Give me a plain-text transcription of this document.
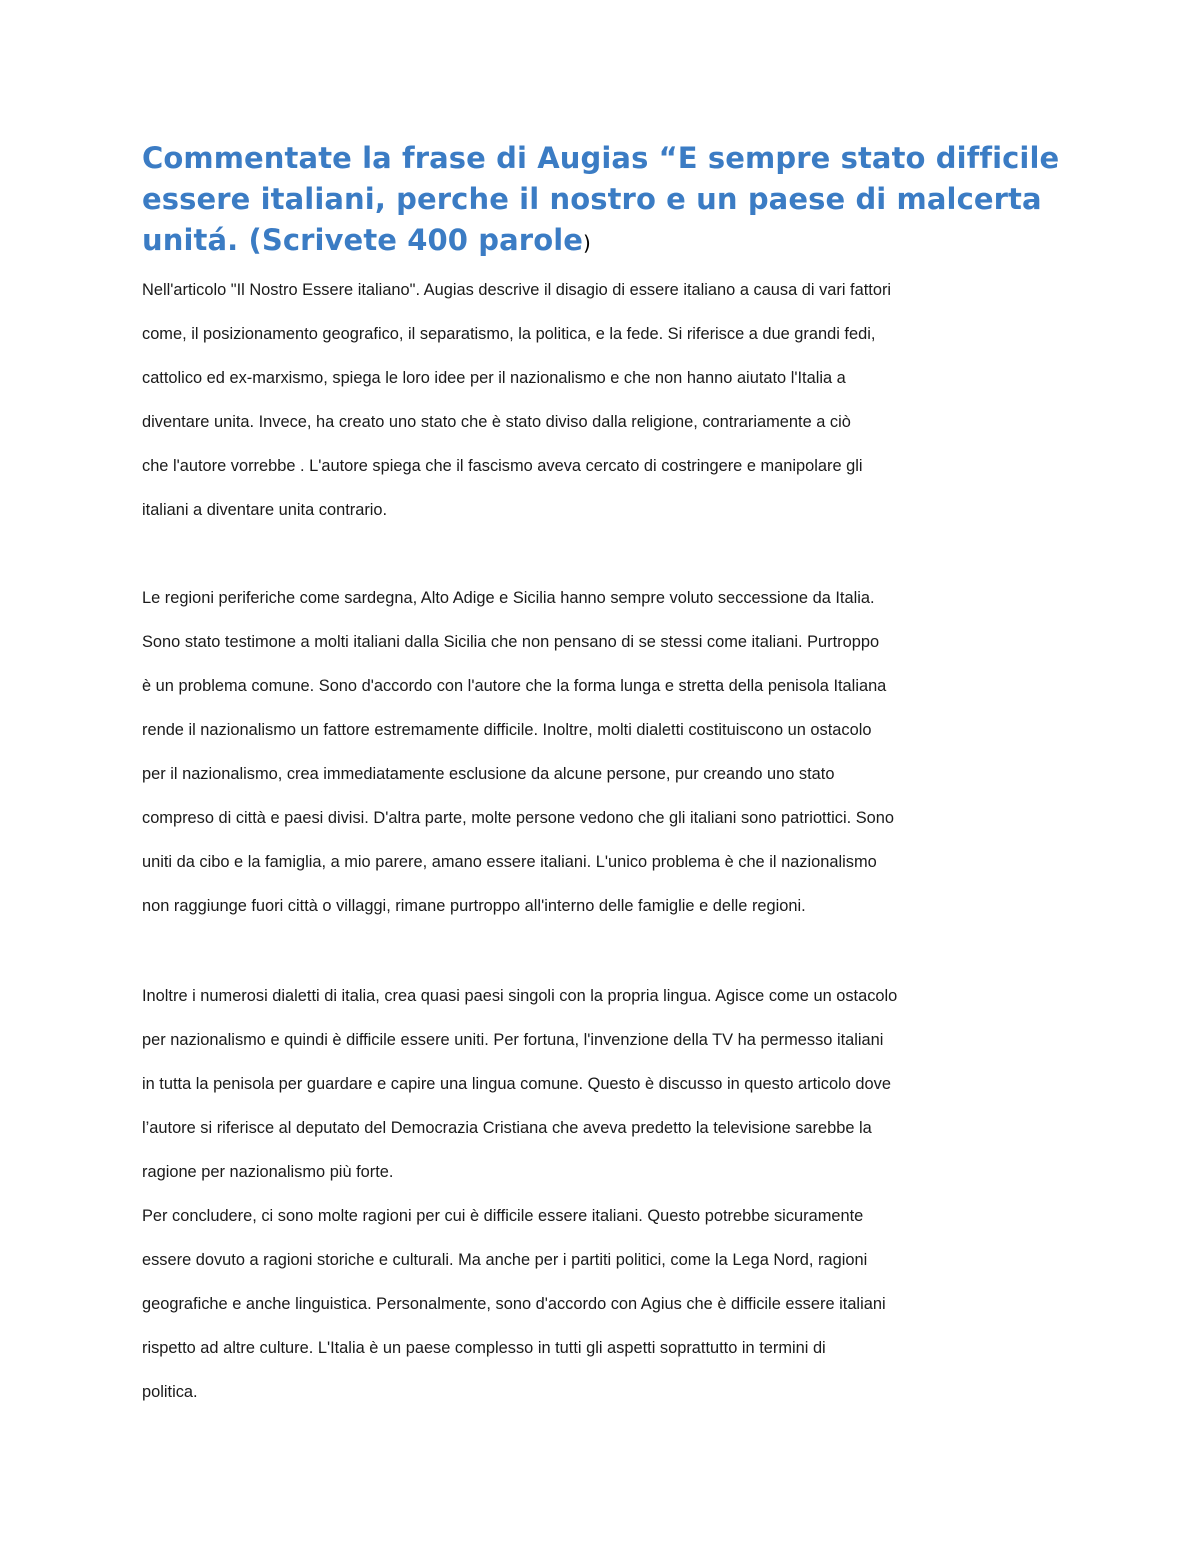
Commentate la frase di Augias “E sempre stato difficile essere italiani, perche il nostro e un paese di malcerta unitá. (Scrivete 400 parole)
Nell'articolo "Il Nostro Essere italiano". Augias descrive il disagio di essere italiano a causa di vari fattori
come, il posizionamento geografico, il separatismo, la politica, e la fede. Si riferisce a due grandi fedi,
cattolico ed ex-marxismo, spiega le loro idee per il nazionalismo e che non hanno aiutato l'Italia a
diventare unita. Invece, ha creato uno stato che è stato diviso dalla religione, contrariamente a ciò
che l'autore vorrebbe . L'autore spiega che il fascismo aveva cercato di costringere e manipolare gli
italiani a diventare unita contrario.
Le regioni periferiche come sardegna, Alto Adige e Sicilia hanno sempre voluto seccessione da Italia.
Sono stato testimone a molti italiani dalla Sicilia che non pensano di se stessi come italiani. Purtroppo
è un problema comune. Sono d'accordo con l'autore che la forma lunga e stretta della penisola Italiana
rende il nazionalismo un fattore estremamente difficile. Inoltre, molti dialetti costituiscono un ostacolo
per il nazionalismo, crea immediatamente esclusione da alcune persone, pur creando uno stato
compreso di città e paesi divisi. D'altra parte, molte persone vedono che gli italiani sono patriottici. Sono
uniti da cibo e la famiglia, a mio parere, amano essere italiani. L'unico problema è che il nazionalismo
non raggiunge fuori città o villaggi, rimane purtroppo all'interno delle famiglie e delle regioni.
Inoltre i numerosi dialetti di italia, crea quasi paesi singoli con la propria lingua. Agisce come un ostacolo
per nazionalismo e quindi è difficile essere uniti. Per fortuna, l'invenzione della TV ha permesso italiani
in tutta la penisola per guardare e capire una lingua comune. Questo è discusso in questo articolo dove
l’autore si riferisce al deputato del Democrazia Cristiana che aveva predetto la televisione sarebbe la
ragione per nazionalismo più forte.
Per concludere, ci sono molte ragioni per cui è difficile essere italiani. Questo potrebbe sicuramente
essere dovuto a ragioni storiche e culturali. Ma anche per i partiti politici, come la Lega Nord, ragioni
geografiche e anche linguistica. Personalmente, sono d'accordo con Agius che è difficile essere italiani
rispetto ad altre culture. L'Italia è un paese complesso in tutti gli aspetti soprattutto in termini di
politica.
